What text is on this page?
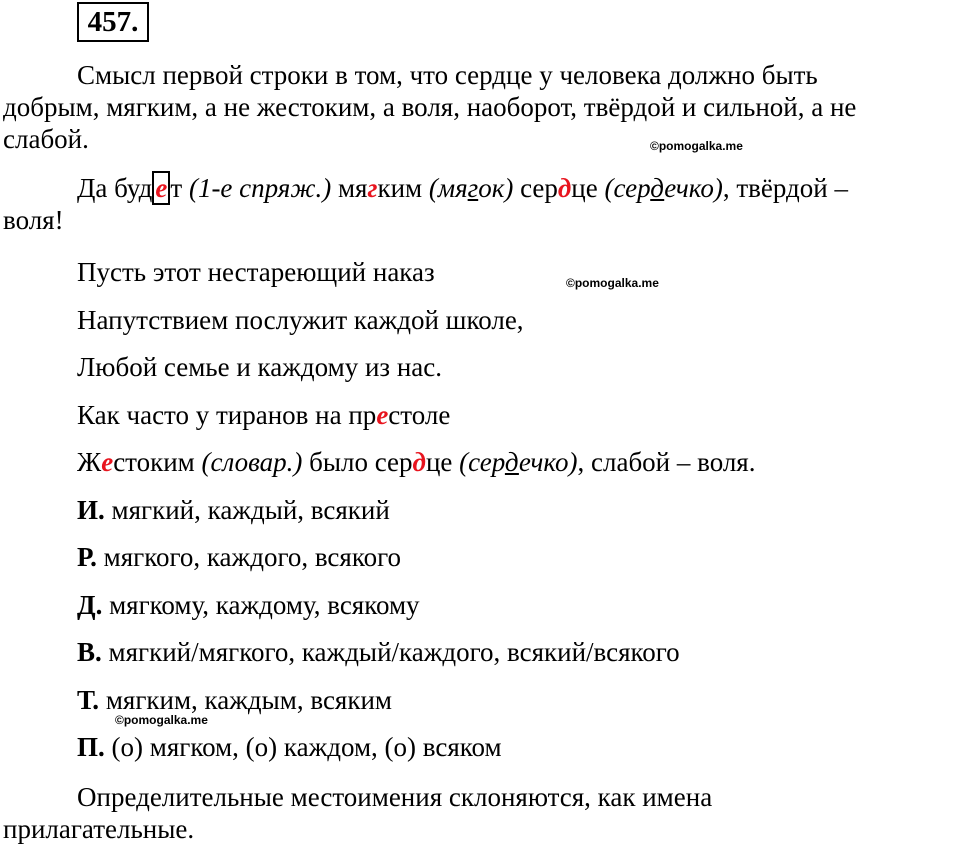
457.
Смысл первой строки в том, что сердце у человека должно быть
добрым, мягким, а не жестоким, а воля, наоборот, твёрдой и сильной, а не
слабой.	©pomogalka.me
Да буд е т (1-е спряж.) мягким (мягок) сердце (сердечко), твёрдой –
воля!
Пусть этот нестареющий наказ	©pomogalka.me
Напутствием послужит каждой школе,
Любой семье и каждому из нас.
Как часто у тиранов на престоле
Жестоким (словар.) было сердце (сердечко), слабой – воля.
И. мягкий, каждый, всякий
Р. мягкого, каждого, всякого
Д. мягкому, каждому, всякому
В. мягкий/мягкого, каждый/каждого, всякий/всякого
Т. мягким, каждым, всяким
©pomogalka.me
П. (о) мягком, (о) каждом, (о) всяком
Определительные местоимения склоняются, как имена
прилагательные.
